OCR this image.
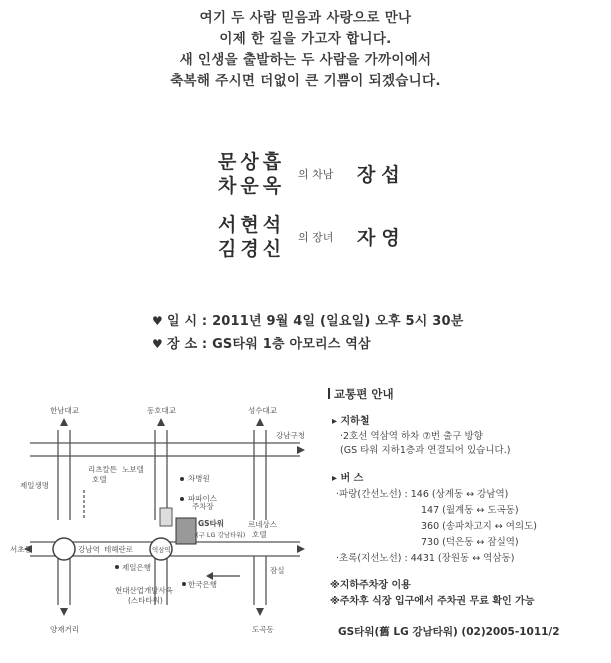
여기 두 사람 믿음과 사랑으로 만나
이제 한 길을 가고자 합니다.
새 인생을 출발하는 두 사람을 가까이에서
축복해 주시면 더없이 큰 기쁨이 되겠습니다.
문상흡
차운옥
의 차남 장섭
서현석
김경신
의 장녀 자영
♥ 일 시 : 2011년 9월 4일 (일요일) 오후 5시 30분
♥ 장 소 : GS타워 1층 아모리스 역삼
한남대교	동호대교	성수대교
강남구청
제일생명
리츠칼튼
호텔
노보텔
차병원
파파이스
주차장
GS타워
(구 LG 강남타워)
르네상스
호텔
제일은행
서초동	강남역 테헤란로	역삼역
한국은행
잠실
양재거리
현대산업개발사옥
(스타타워)
도곡동
교통편 안내
▸ 지하철
·2호선 역삼역 하차 ⑦번 출구 방향
(GS 타워 지하1층과 연결되어 있습니다.)
▸ 버 스
·파랑(간선노선) : 146 (상계동 ↔ 강남역)
147 (월계동 ↔ 도곡동)
360 (송파차고지 ↔ 여의도)
730 (덕은동 ↔ 잠실역)
·초록(지선노선) : 4431 (장원동 ↔ 역삼동)
※지하주차장 이용
※주차후 식장 입구에서 주차권 무료 확인 가능
GS타워(舊 LG 강남타워) (02)2005-1011/2
